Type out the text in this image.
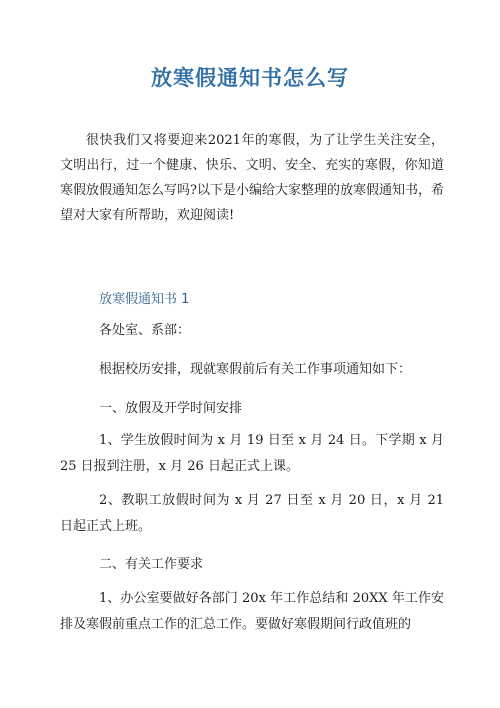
放寒假通知书怎么写

很快我们又将要迎来2021年的寒假，为了让学生关注安全，文明出行，过一个健康、快乐、文明、安全、充实的寒假，你知道寒假放假通知怎么写吗?以下是小编给大家整理的放寒假通知书，希望对大家有所帮助，欢迎阅读!

放寒假通知书 1

各处室、系部：

根据校历安排，现就寒假前后有关工作事项通知如下：

一、放假及开学时间安排

1、学生放假时间为 x 月 19 日至 x 月 24 日。下学期 x 月 25 日报到注册，x 月 26 日起正式上课。

2、教职工放假时间为 x 月 27 日至 x 月 20 日，x 月 21 日起正式上班。

二、有关工作要求

1、办公室要做好各部门 20x 年工作总结和 20XX 年工作安排及寒假前重点工作的汇总工作。要做好寒假期间行政值班的
